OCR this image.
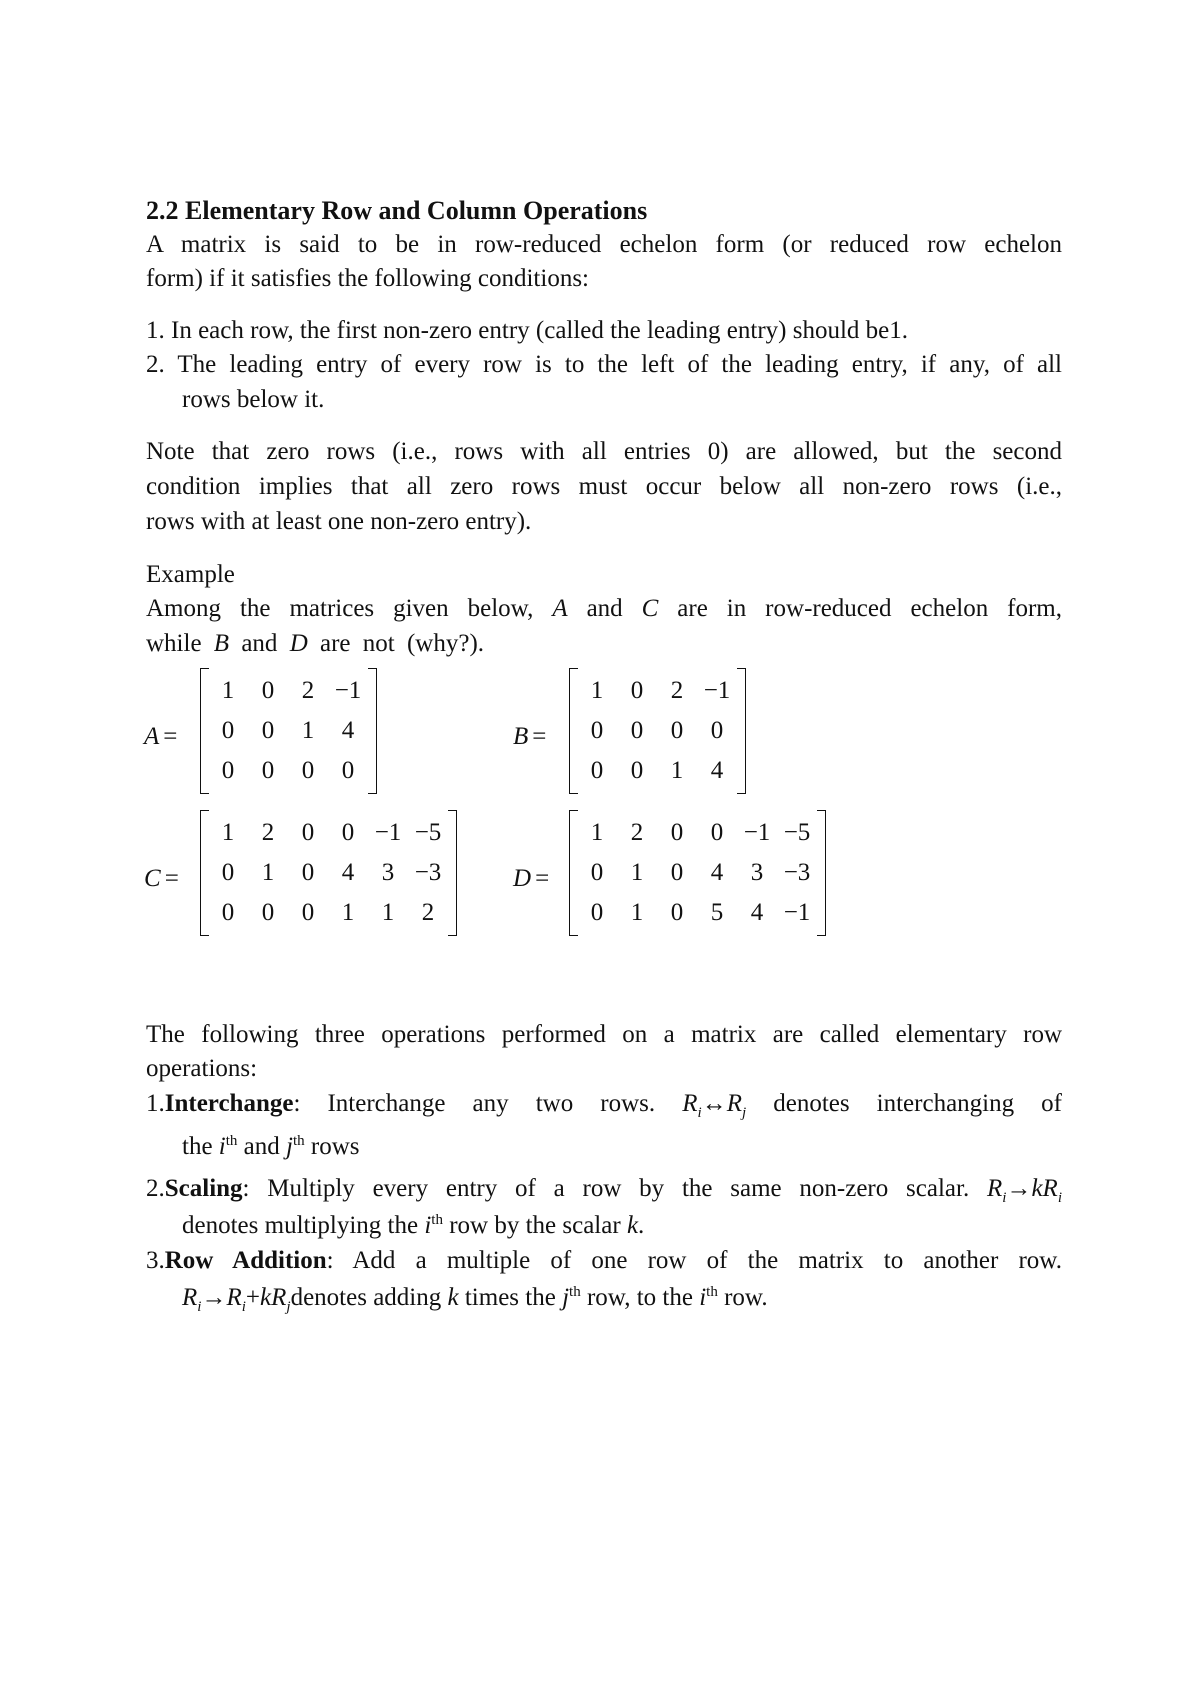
2.2 Elementary Row and Column Operations
A matrix is said to be in row-reduced echelon form (or reduced row echelon
form) if it satisfies the following conditions:
1. In each row, the first non-zero entry (called the leading entry) should be1.
2. The leading entry of every row is to the left of the leading entry, if any, of all
rows below it.
Note that zero rows (i.e., rows with all entries 0) are allowed, but the second
condition implies that all zero rows must occur below all non-zero rows (i.e.,
rows with at least one non-zero entry).
Example
Among the matrices given below, A and C are in row-reduced echelon form,
while B and D are not (why?).
A =
1	0	2 −1
0	0	1	4
0	0	0	0
B =
1	0	2 −1
0	0	0	0
0	0	1	4
C =
1	2	0	0 −1 −5
0	1	0	4	3 −3
0	0	0	1	1	2
D =
1	2	0	0 −1 −5
0	1	0	4	3 −3
0	1	0	5	4 −1
The following three operations performed on a matrix are called elementary row
operations:
1.Interchange: Interchange any two rows. $R_i\leftrightarrow R_j$ denotes interchanging of
the $i^{th}$ and $j^{th}$ rows
2.Scaling: Multiply every entry of a row by the same non-zero scalar. $R_i\to kR_i$
denotes multiplying the $i^{th}$ row by the scalar k.
3.Row Addition: Add a multiple of one row of the matrix to another row.
$R_i\to R_i+kR_jdenotes$ adding k times the $j^{th}$ row, to the $i^{th}$ row.
